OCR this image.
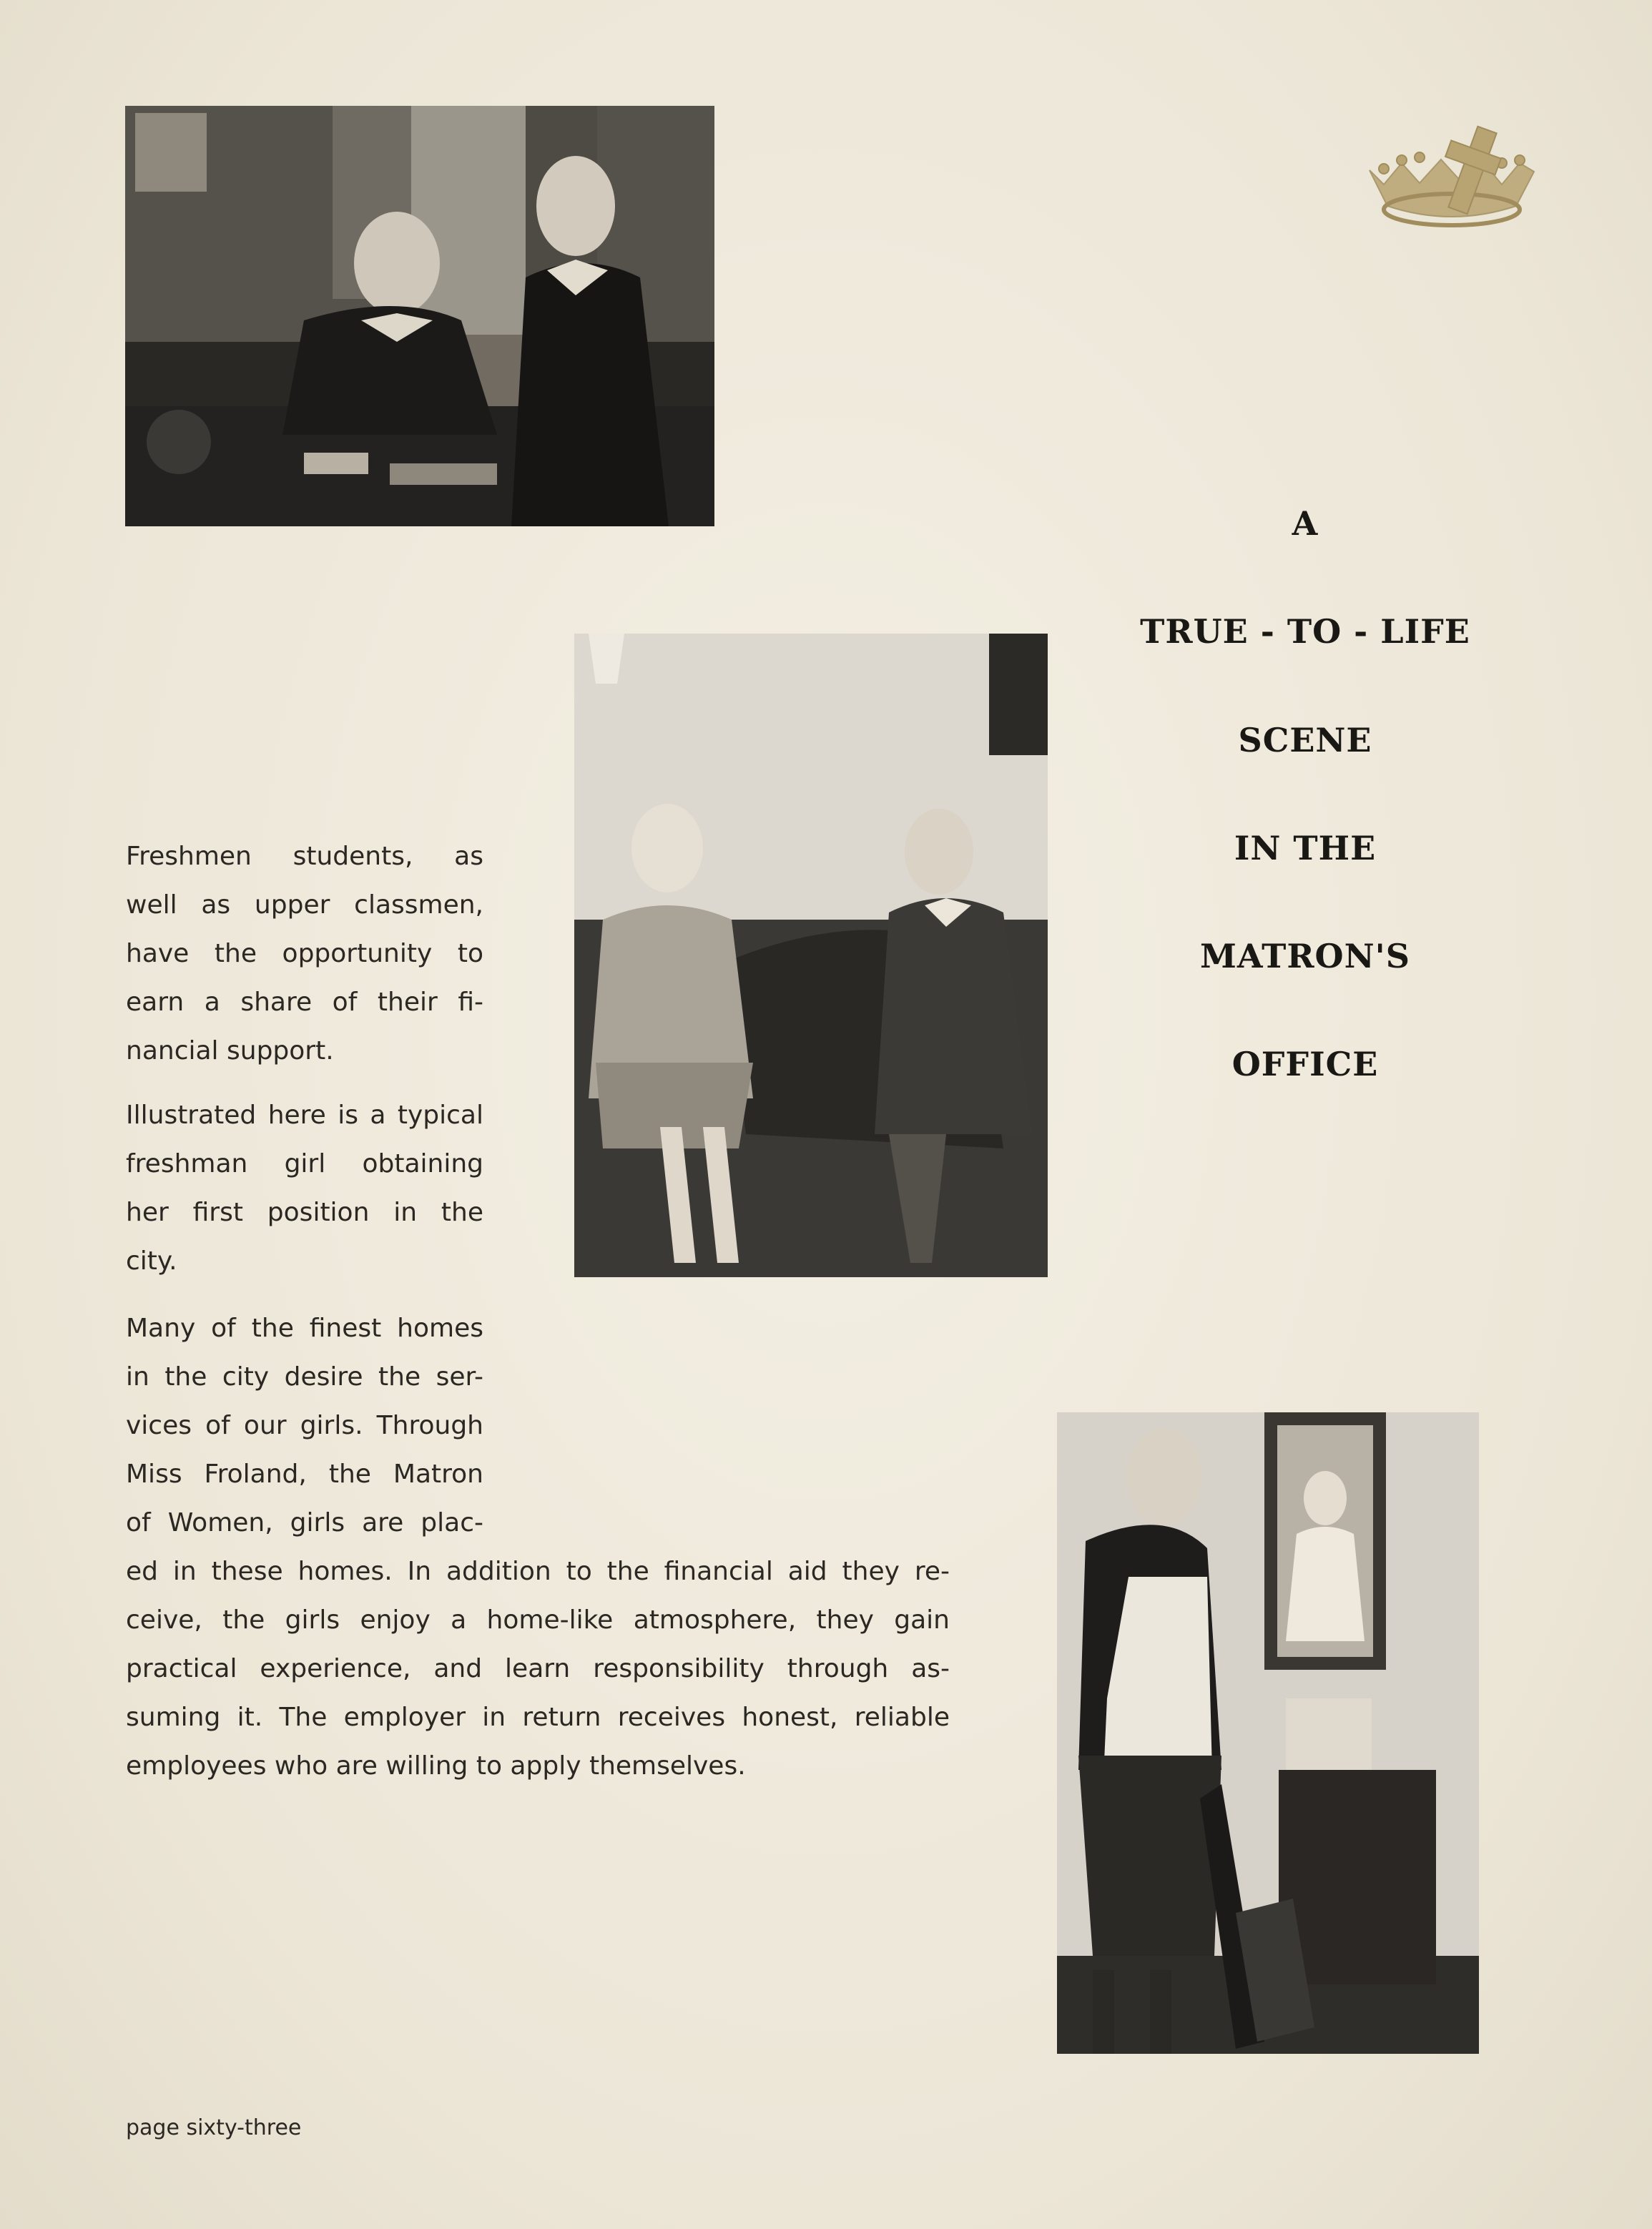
A
TRUE - TO - LIFE
SCENE
IN THE
MATRON'S
OFFICE
Freshmen students, as
well as upper classmen,
have the opportunity to
earn a share of their fi-
nancial support.
Illustrated here is a typical
freshman girl obtaining
her first position in the
city.
Many of the finest homes
in the city desire the ser-
vices of our girls. Through
Miss Froland, the Matron
of Women, girls are plac-
ed in these homes. In addition to the financial aid they re-
ceive, the girls enjoy a home-like atmosphere, they gain
practical experience, and learn responsibility through as-
suming it. The employer in return receives honest, reliable
employees who are willing to apply themselves.
page sixty-three
